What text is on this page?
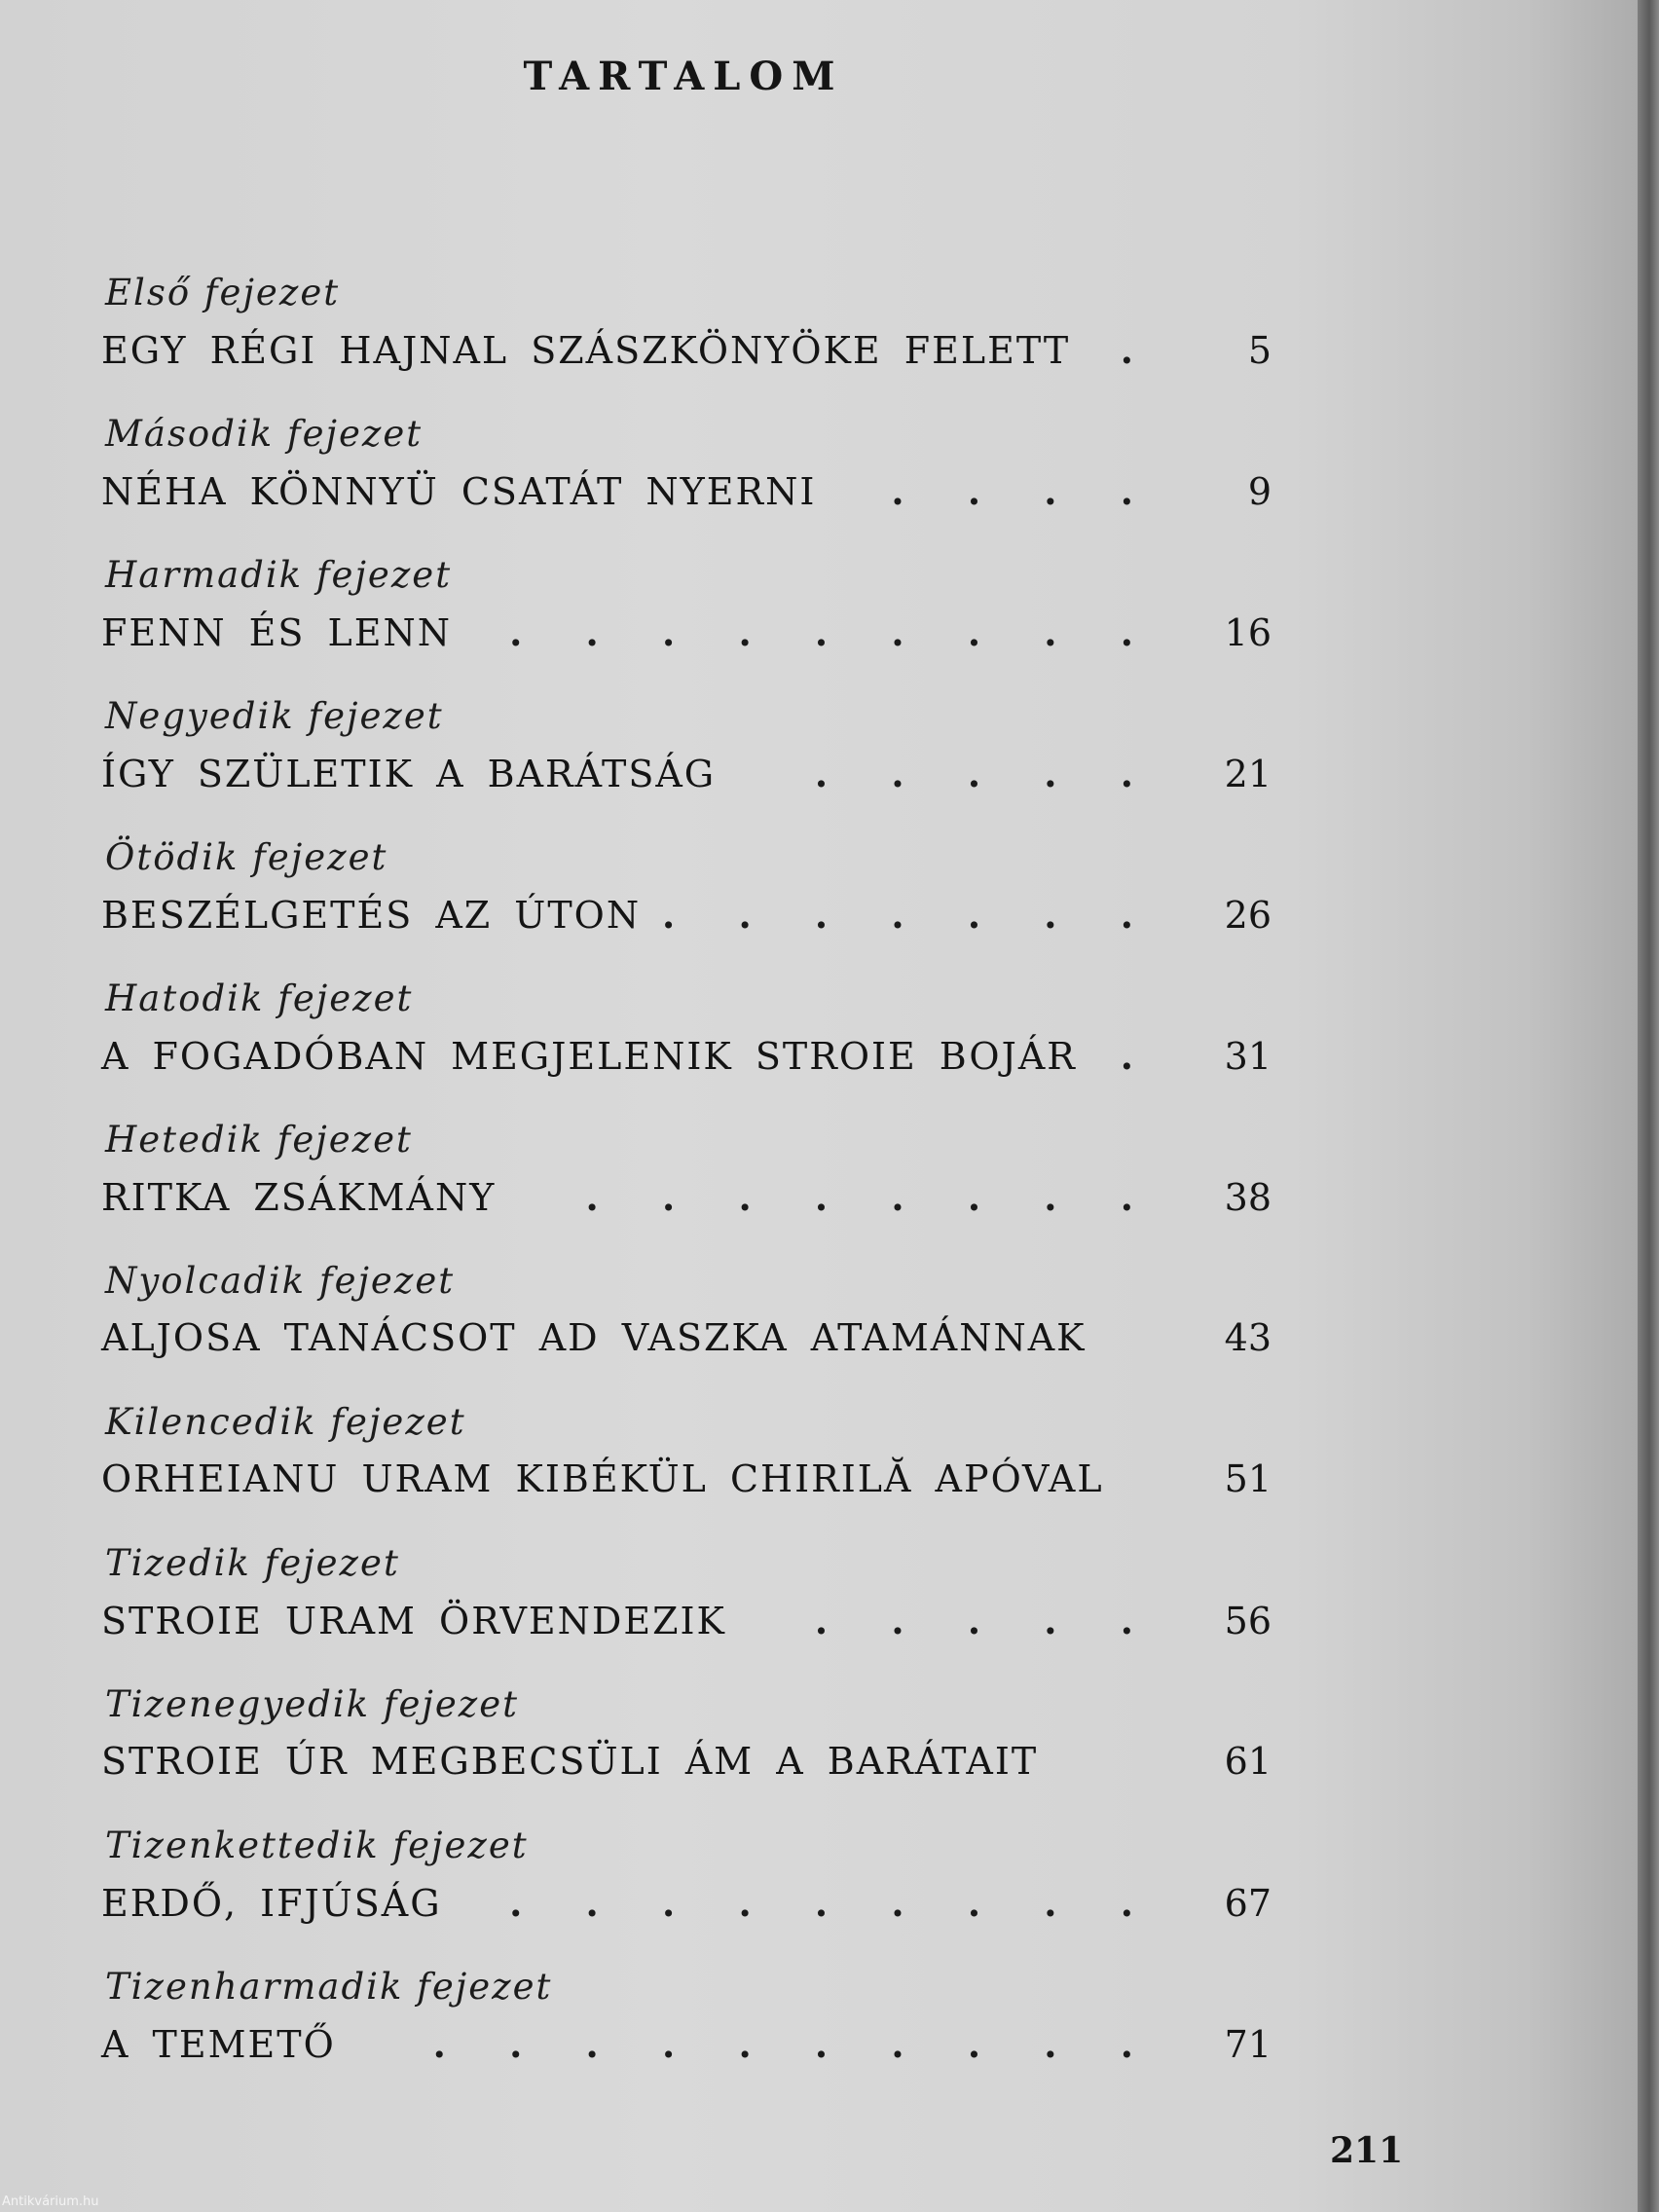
TARTALOM
Első fejezet
EGY RÉGI HAJNAL SZÁSZKÖNYÖKE FELETT	.	5
Második fejezet
NÉHA KÖNNYÜ CSATÁT NYERNI	. . . .	9
Harmadik fejezet
FENN ÉS LENN	. . . . . . . . .	16
Negyedik fejezet
ÍGY SZÜLETIK A BARÁTSÁG	. . . . .	21
Ötödik fejezet
BESZÉLGETÉS AZ ÚTON . . . . . . .	26
Hatodik fejezet
A FOGADÓBAN MEGJELENIK STROIE BOJÁR	.	31
Hetedik fejezet
RITKA ZSÁKMÁNY	. . . . . . . .	38
Nyolcadik fejezet
ALJOSA TANÁCSOT AD VASZKA ATAMÁNNAK	43
Kilencedik fejezet
ORHEIANU URAM KIBÉKÜL CHIRILĂ APÓVAL	51
Tizedik fejezet
STROIE URAM ÖRVENDEZIK	. . . . .	56
Tizenegyedik fejezet
STROIE ÚR MEGBECSÜLI ÁM A BARÁTAIT	61
Tizenkettedik fejezet
ERDŐ, IFJÚSÁG	. . . . . . . . .	67
Tizenharmadik fejezet
A TEMETŐ	. . . . . . . . . .	71
211
Antikvárium.hu
